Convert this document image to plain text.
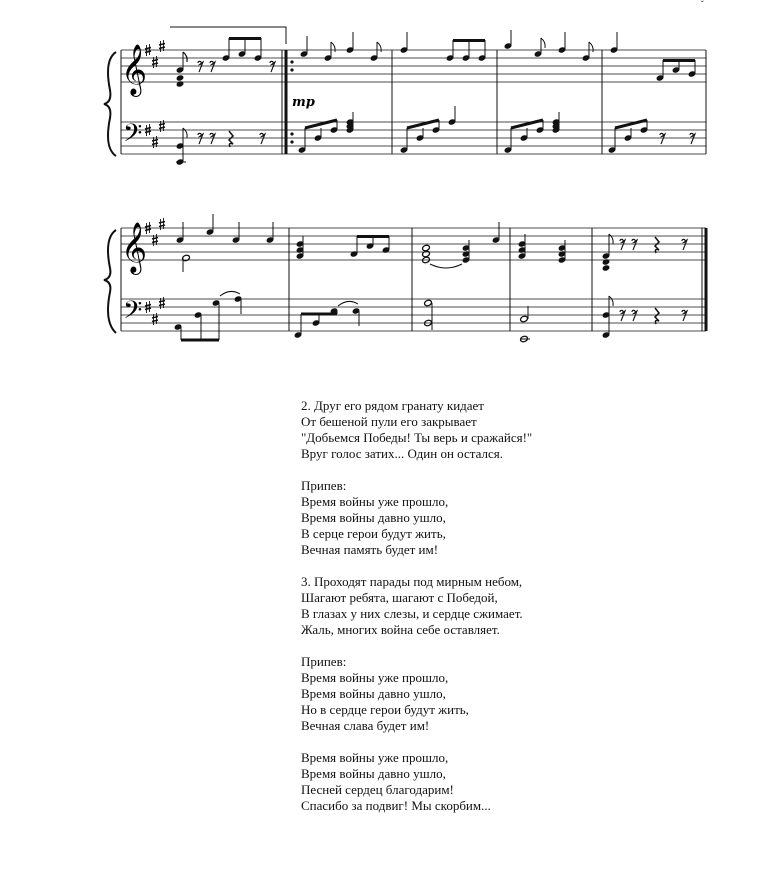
ˇ
𝄞
𝄢
mp
𝄞
𝄢
2. Друг его рядом гранату кидает
От бешеной пули его закрывает
"Добьемся Победы! Ты верь и сражайся!"
Вруг голос затих... Один он остался.
Припев:
Время войны уже прошло,
Время войны давно ушло,
В серце герои будут жить,
Вечная память будет им!
3. Проходят парады под мирным небом,
Шагают ребята, шагают с Победой,
В глазах у них слезы, и сердце сжимает.
Жаль, многих война себе оставляет.
Припев:
Время войны уже прошло,
Время войны давно ушло,
Но в сердце герои будут жить,
Вечная слава будет им!
Время войны уже прошло,
Время войны давно ушло,
Песней сердец благодарим!
Спасибо за подвиг! Мы скорбим...
